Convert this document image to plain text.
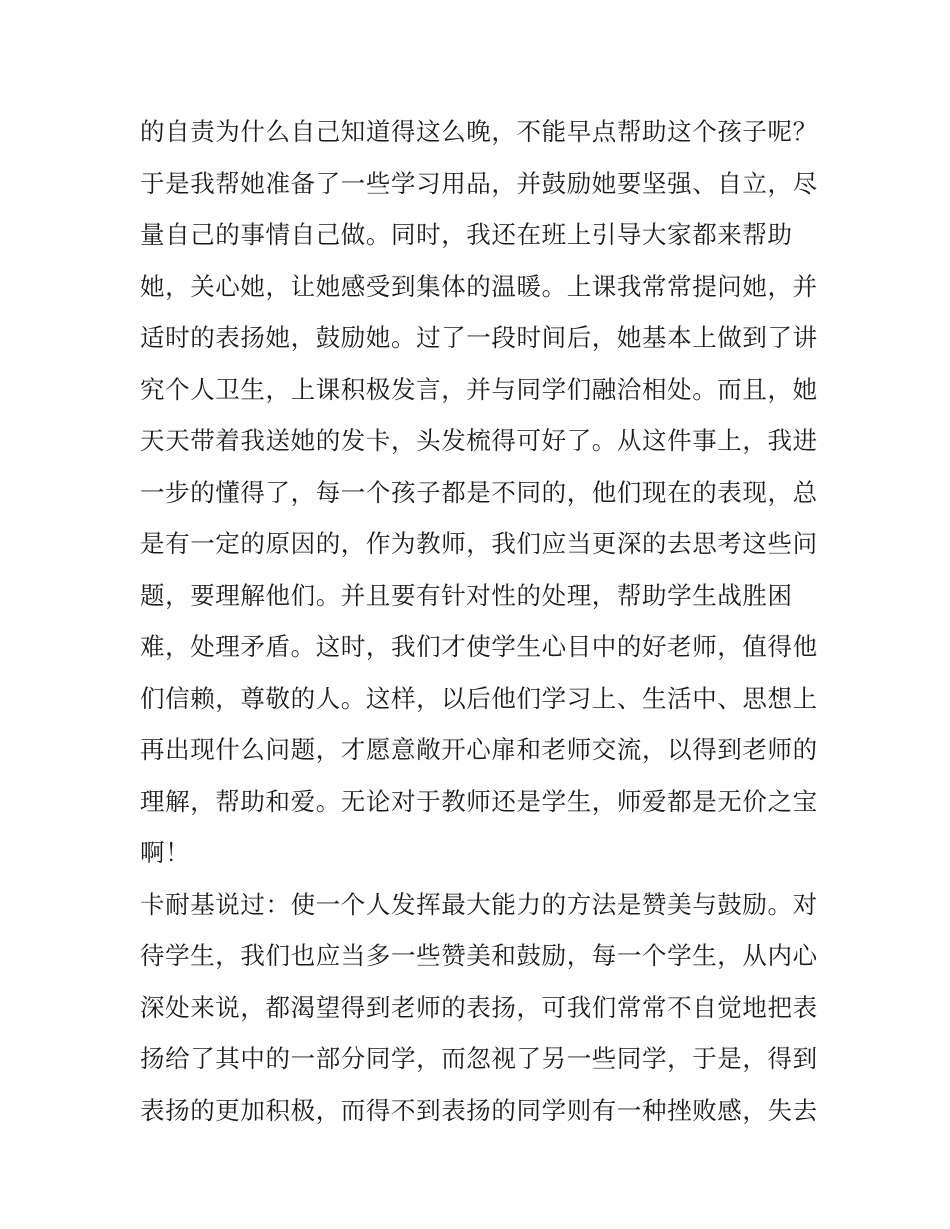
的自责为什么自己知道得这么晚，不能早点帮助这个孩子呢？
于是我帮她准备了一些学习用品，并鼓励她要坚强、自立，尽
量自己的事情自己做。同时，我还在班上引导大家都来帮助
她，关心她，让她感受到集体的温暖。上课我常常提问她，并
适时的表扬她，鼓励她。过了一段时间后，她基本上做到了讲
究个人卫生，上课积极发言，并与同学们融洽相处。而且，她
天天带着我送她的发卡，头发梳得可好了。从这件事上，我进
一步的懂得了，每一个孩子都是不同的，他们现在的表现，总
是有一定的原因的，作为教师，我们应当更深的去思考这些问
题，要理解他们。并且要有针对性的处理，帮助学生战胜困
难，处理矛盾。这时，我们才使学生心目中的好老师，值得他
们信赖，尊敬的人。这样，以后他们学习上、生活中、思想上
再出现什么问题，才愿意敞开心扉和老师交流，以得到老师的
理解，帮助和爱。无论对于教师还是学生，师爱都是无价之宝
啊！
卡耐基说过：使一个人发挥最大能力的方法是赞美与鼓励。对
待学生，我们也应当多一些赞美和鼓励，每一个学生，从内心
深处来说，都渴望得到老师的表扬，可我们常常不自觉地把表
扬给了其中的一部分同学，而忽视了另一些同学，于是，得到
表扬的更加积极，而得不到表扬的同学则有一种挫败感，失去
